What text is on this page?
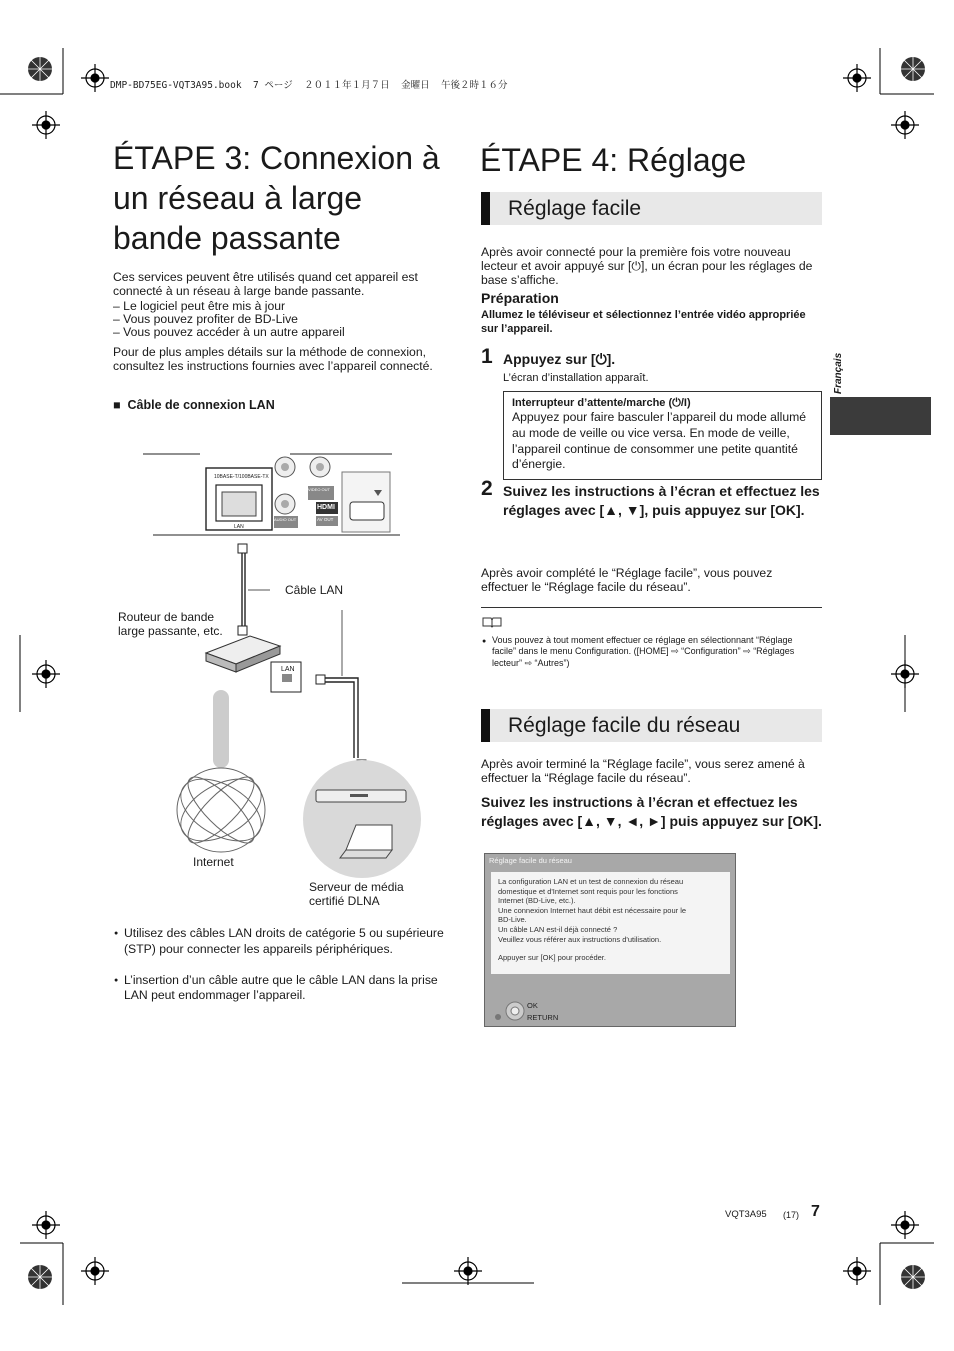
DMP-BD75EG-VQT3A95.book  7 ページ  ２０１１年１月７日  金曜日  午後２時１６分
ÉTAPE 3: Connexion à un réseau à large bande passante
Ces services peuvent être utilisés quand cet appareil est connecté à un réseau à large bande passante.
– Le logiciel peut être mis à jour
– Vous pouvez profiter de BD-Live
– Vous pouvez accéder à un autre appareil
Pour de plus amples détails sur la méthode de connexion, consultez les instructions fournies avec l’appareil connecté.
■  Câble de connexion LAN
Câble LAN
Routeur de bande large passante, etc.
Internet
Serveur de média certifié DLNA
LAN
10BASE-T/100BASE-TX
LAN
VIDEO OUT
AUDIO OUT
HDMI
AV OUT
● Utilisez des câbles LAN droits de catégorie 5 ou supérieure (STP) pour connecter les appareils périphériques.
● L’insertion d’un câble autre que le câble LAN dans la prise LAN peut endommager l’appareil.
ÉTAPE 4: Réglage
Réglage facile
Après avoir connecté pour la première fois votre nouveau lecteur et avoir appuyé sur [⏻], un écran pour les réglages de base s’affiche.
Préparation
Allumez le téléviseur et sélectionnez l’entrée vidéo appropriée sur l’appareil.
1 Appuyez sur [⏻].
L’écran d’installation apparaît.
Interrupteur d’attente/marche (⏻/I)
Appuyez pour faire basculer l’appareil du mode allumé au mode de veille ou vice versa. En mode de veille, l’appareil continue de consommer une petite quantité d’énergie.
2 Suivez les instructions à l’écran et effectuez les réglages avec [▲, ▼], puis appuyez sur [OK].
Après avoir complété le “Réglage facile”, vous pouvez effectuer le “Réglage facile du réseau”.
● Vous pouvez à tout moment effectuer ce réglage en sélectionnant “Réglage facile” dans le menu Configuration. ([HOME] ⇨ “Configuration” ⇨ “Réglages lecteur” ⇨ “Autres”)
Réglage facile du réseau
Après avoir terminé la “Réglage facile”, vous serez amené à effectuer la “Réglage facile du réseau”.
Suivez les instructions à l’écran et effectuez les réglages avec [▲, ▼, ◄, ►] puis appuyez sur [OK].
Réglage facile du réseau
La configuration LAN et un test de connexion du réseau
domestique et d'Internet sont requis pour les fonctions
Internet (BD-Live, etc.).
Une connexion Internet haut débit est nécessaire pour le
BD-Live.
Un câble LAN est-il déjà connecté ?
Veuillez vous référer aux instructions d'utilisation.
Appuyer sur [OK] pour procéder.
OK
RETURN
Français
VQT3A95 (17) 7
